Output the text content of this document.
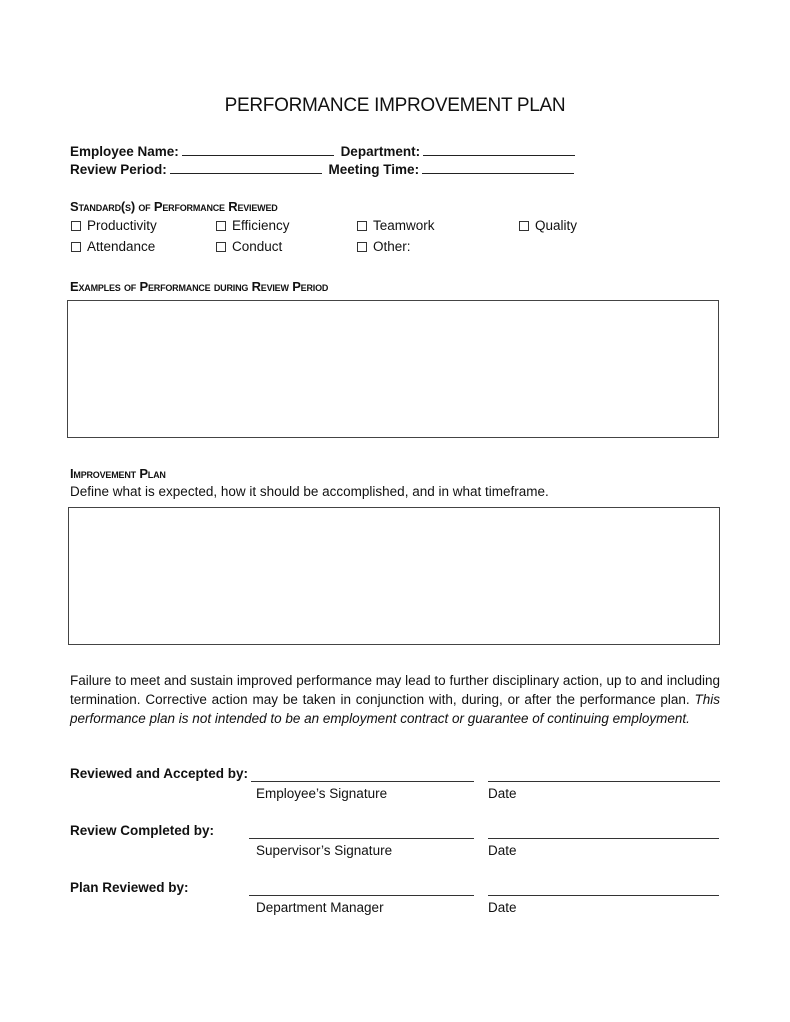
PERFORMANCE IMPROVEMENT PLAN
Employee Name:	Department:
Review Period:	Meeting Time:
Standard(s) of Performance Reviewed
Productivity	Efficiency	Teamwork	Quality
Attendance	Conduct	Other:
Examples of Performance during Review Period
Improvement Plan
Define what is expected, how it should be accomplished, and in what timeframe.
Failure to meet and sustain improved performance may lead to further disciplinary action, up to and including termination. Corrective action may be taken in conjunction with, during, or after the performance plan. This performance plan is not intended to be an employment contract or guarantee of continuing employment.
Reviewed and Accepted by:
Employee’s Signature	Date
Review Completed by:
Supervisor’s Signature	Date
Plan Reviewed by:
Department Manager	Date
